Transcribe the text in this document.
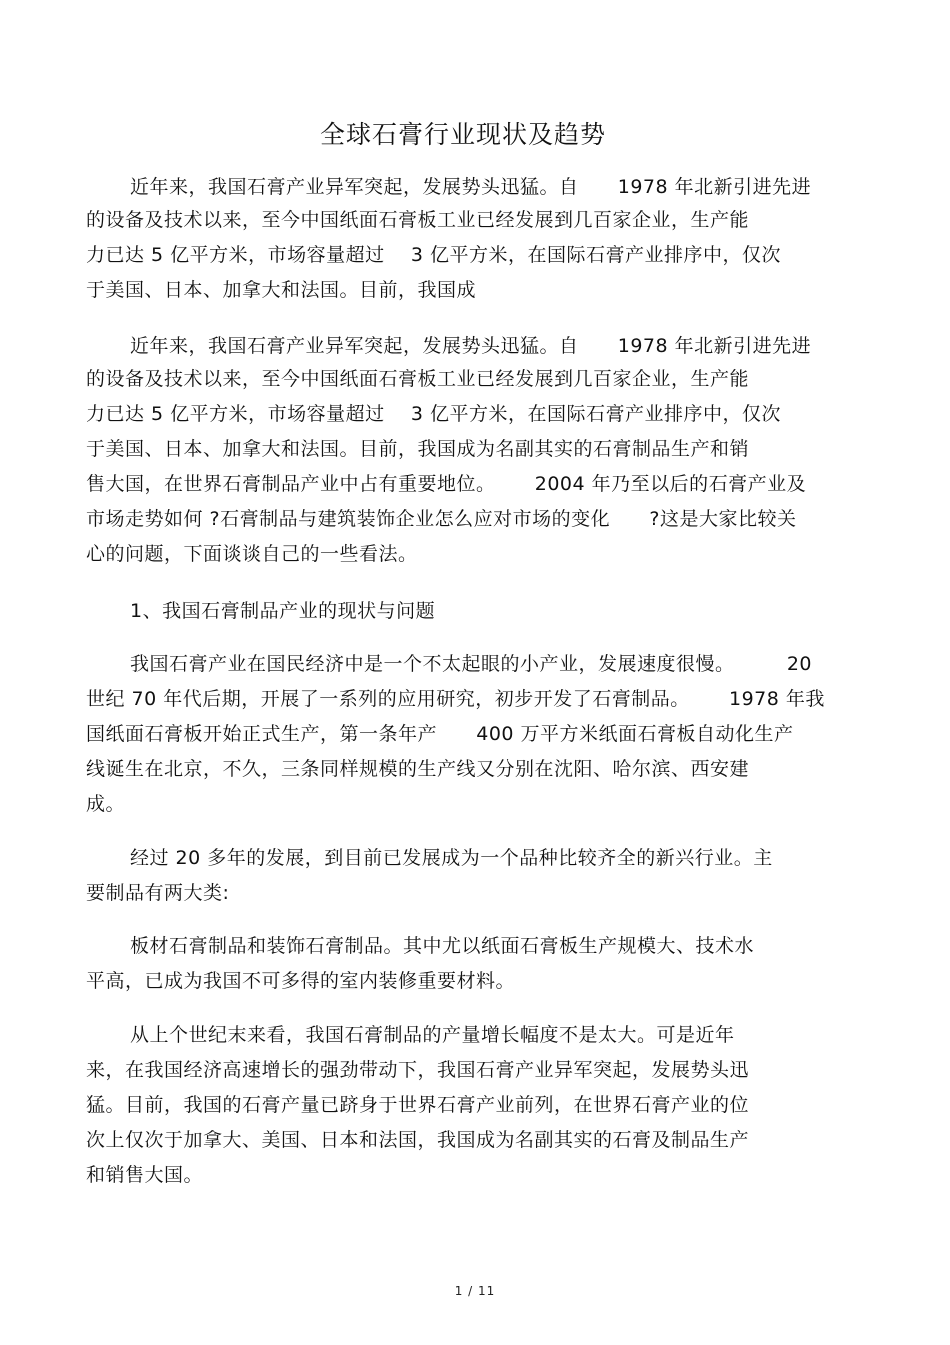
全球石膏行业现状及趋势
近年来，我国石膏产业异军突起，发展势头迅猛。自      1978 年北新引进先进
的设备及技术以来，至今中国纸面石膏板工业已经发展到几百家企业，生产能
力已达 5 亿平方米，市场容量超过    3 亿平方米，在国际石膏产业排序中，仅次
于美国、日本、加拿大和法国。目前，我国成
近年来，我国石膏产业异军突起，发展势头迅猛。自      1978 年北新引进先进
的设备及技术以来，至今中国纸面石膏板工业已经发展到几百家企业，生产能
力已达 5 亿平方米，市场容量超过    3 亿平方米，在国际石膏产业排序中，仅次
于美国、日本、加拿大和法国。目前，我国成为名副其实的石膏制品生产和销
售大国，在世界石膏制品产业中占有重要地位。      2004 年乃至以后的石膏产业及
市场走势如何 ?石膏制品与建筑装饰企业怎么应对市场的变化      ?这是大家比较关
心的问题，下面谈谈自己的一些看法。
1、我国石膏制品产业的现状与问题
我国石膏产业在国民经济中是一个不太起眼的小产业，发展速度很慢。        20
世纪 70 年代后期，开展了一系列的应用研究，初步开发了石膏制品。      1978 年我
国纸面石膏板开始正式生产，第一条年产      400 万平方米纸面石膏板自动化生产
线诞生在北京，不久，三条同样规模的生产线又分别在沈阳、哈尔滨、西安建
成。
经过 20 多年的发展，到目前已发展成为一个品种比较齐全的新兴行业。主
要制品有两大类:
板材石膏制品和装饰石膏制品。其中尤以纸面石膏板生产规模大、技术水
平高，已成为我国不可多得的室内装修重要材料。
从上个世纪末来看，我国石膏制品的产量增长幅度不是太大。可是近年
来，在我国经济高速增长的强劲带动下，我国石膏产业异军突起，发展势头迅
猛。目前，我国的石膏产量已跻身于世界石膏产业前列，在世界石膏产业的位
次上仅次于加拿大、美国、日本和法国，我国成为名副其实的石膏及制品生产
和销售大国。
1 / 11
